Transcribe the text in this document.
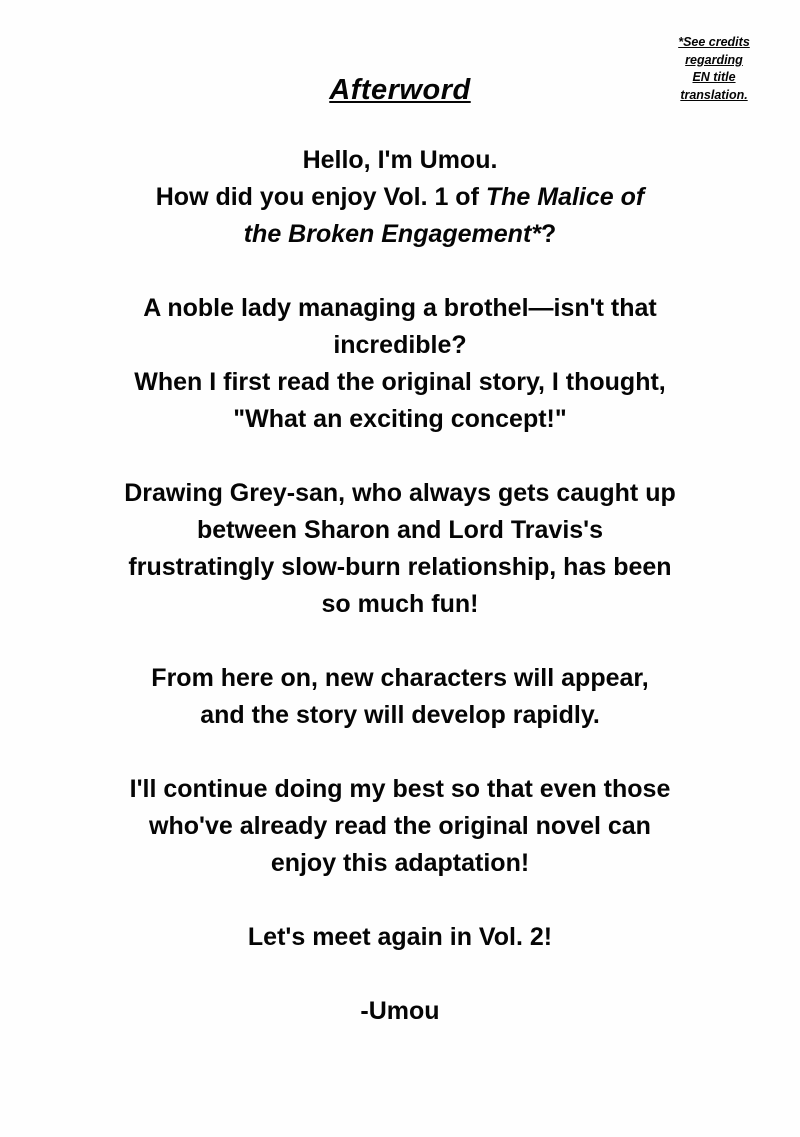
*See credits
regarding
EN title
translation.
Afterword

Hello, I'm Umou.
How did you enjoy Vol. 1 of The Malice of
the Broken Engagement*?

A noble lady managing a brothel—isn't that
incredible?
When I first read the original story, I thought,
"What an exciting concept!"

Drawing Grey-san, who always gets caught up
between Sharon and Lord Travis's
frustratingly slow-burn relationship, has been
so much fun!

From here on, new characters will appear,
and the story will develop rapidly.

I'll continue doing my best so that even those
who've already read the original novel can
enjoy this adaptation!

Let's meet again in Vol. 2!

-Umou
